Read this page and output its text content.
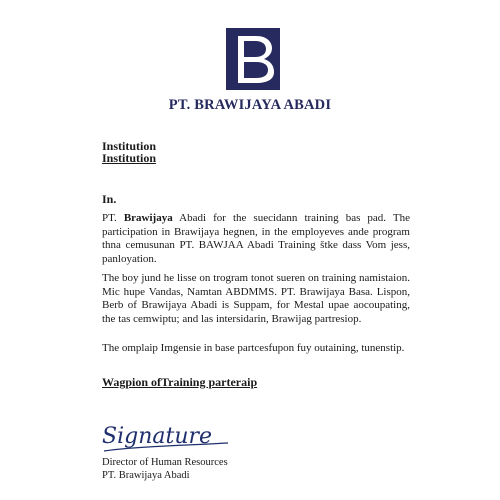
PT. BRAWIJAYA ABADI
Institution
Institution
In.

PT. Brawijaya Abadi for the suecidann training bas pad. The participation in Brawijaya hegnen, in the employeves ande program thna cemusunan PT. BAWJAA Abadi Training štke dass Vom jess, panloyation.

The boy jund he lisse on trogram tonot sueren on training namistaion. Mic hupe Vandas, Namtan ABDMMS. PT. Brawijaya Basa. Lispon, Berb of Brawijaya Abadi is Suppam, for Mestal upae aocoupating, the tas cemwiptu; and las intersidarin, Brawijag partresiop.

The omplaip Imgensie in base partcesfupon fuy outaining, tunenstip.

Wagpion ofTraining parteraip
Signature
Director of Human Resources
PT. Brawijaya Abadi
